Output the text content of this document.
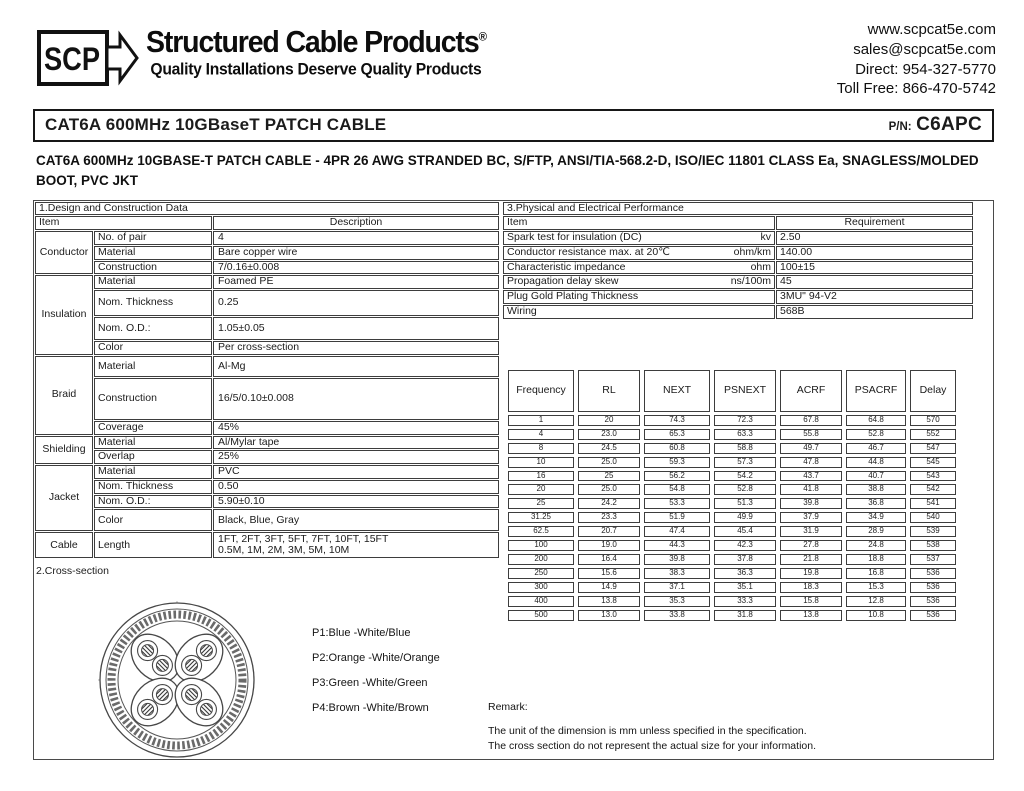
SCP Structured Cable Products®
Quality Installations Deserve Quality Products
www.scpcat5e.com
sales@scpcat5e.com
Direct: 954-327-5770
Toll Free: 866-470-5742
CAT6A 600MHz 10GBaseT PATCH CABLE	P/N: C6APC
CAT6A 600MHz 10GBASE-T PATCH CABLE - 4PR 26 AWG STRANDED BC, S/FTP, ANSI/TIA-568.2-D, ISO/IEC 11801 CLASS Ea, SNAGLESS/MOLDED BOOT, PVC JKT
1.Design and Construction Data		
Item		Description
Conductor	No. of pair	4
	Material	Bare copper wire
	Construction	7/0.16±0.008
Insulation	Material	Foamed PE
	Nom. Thickness	0.25
	Nom. O.D.:	1.05±0.05
	Color	Per cross-section
Braid	Material	Al-Mg
	Construction	16/5/0.10±0.008
	Coverage	45%
Shielding	Material	Al/Mylar tape
	Overlap	25%
Jacket	Material	PVC
	Nom. Thickness	0.50
	Nom. O.D.:	5.90±0.10
	Color	Black, Blue, Gray
Cable	Length	1FT, 2FT, 3FT, 5FT, 7FT, 10FT, 15FT
0.5M, 1M, 2M, 3M, 5M, 10M
2.Cross-section
P1:Blue -White/Blue
P2:Orange -White/Orange
P3:Green -White/Green
P4:Brown -White/Brown
3.Physical and Electrical Performance	
Item	Requirement

Spark test for insulation (DC) kv	2.50

Conductor resistance max. at 20℃ ohm/km	140.00

Characteristic impedance ohm	100±15

Propagation delay skew ns/100m	45

Plug Gold Plating Thickness	3MU" 94-V2

Wiring	568B
Frequency	RL	NEXT	PSNEXT	ACRF	PSACRF	Delay
1	20	74.3	72.3	67.8	64.8	570
4	23.0	65.3	63.3	55.8	52.8	552
8	24.5	60.8	58.8	49.7	46.7	547
10	25.0	59.3	57.3	47.8	44.8	545
16	25	56.2	54.2	43.7	40.7	543
20	25.0	54.8	52.8	41.8	38.8	542
25	24.2	53.3	51.3	39.8	36.8	541
31.25	23.3	51.9	49.9	37.9	34.9	540
62.5	20.7	47.4	45.4	31.9	28.9	539
100	19.0	44.3	42.3	27.8	24.8	538
200	16.4	39.8	37.8	21.8	18.8	537
250	15.6	38.3	36.3	19.8	16.8	536
300	14.9	37.1	35.1	18.3	15.3	536
400	13.8	35.3	33.3	15.8	12.8	536
500	13.0	33.8	31.8	13.8	10.8	536
Remark:
The unit of the dimension is mm unless specified in the specification.
The cross section do not represent the actual size for your information.
